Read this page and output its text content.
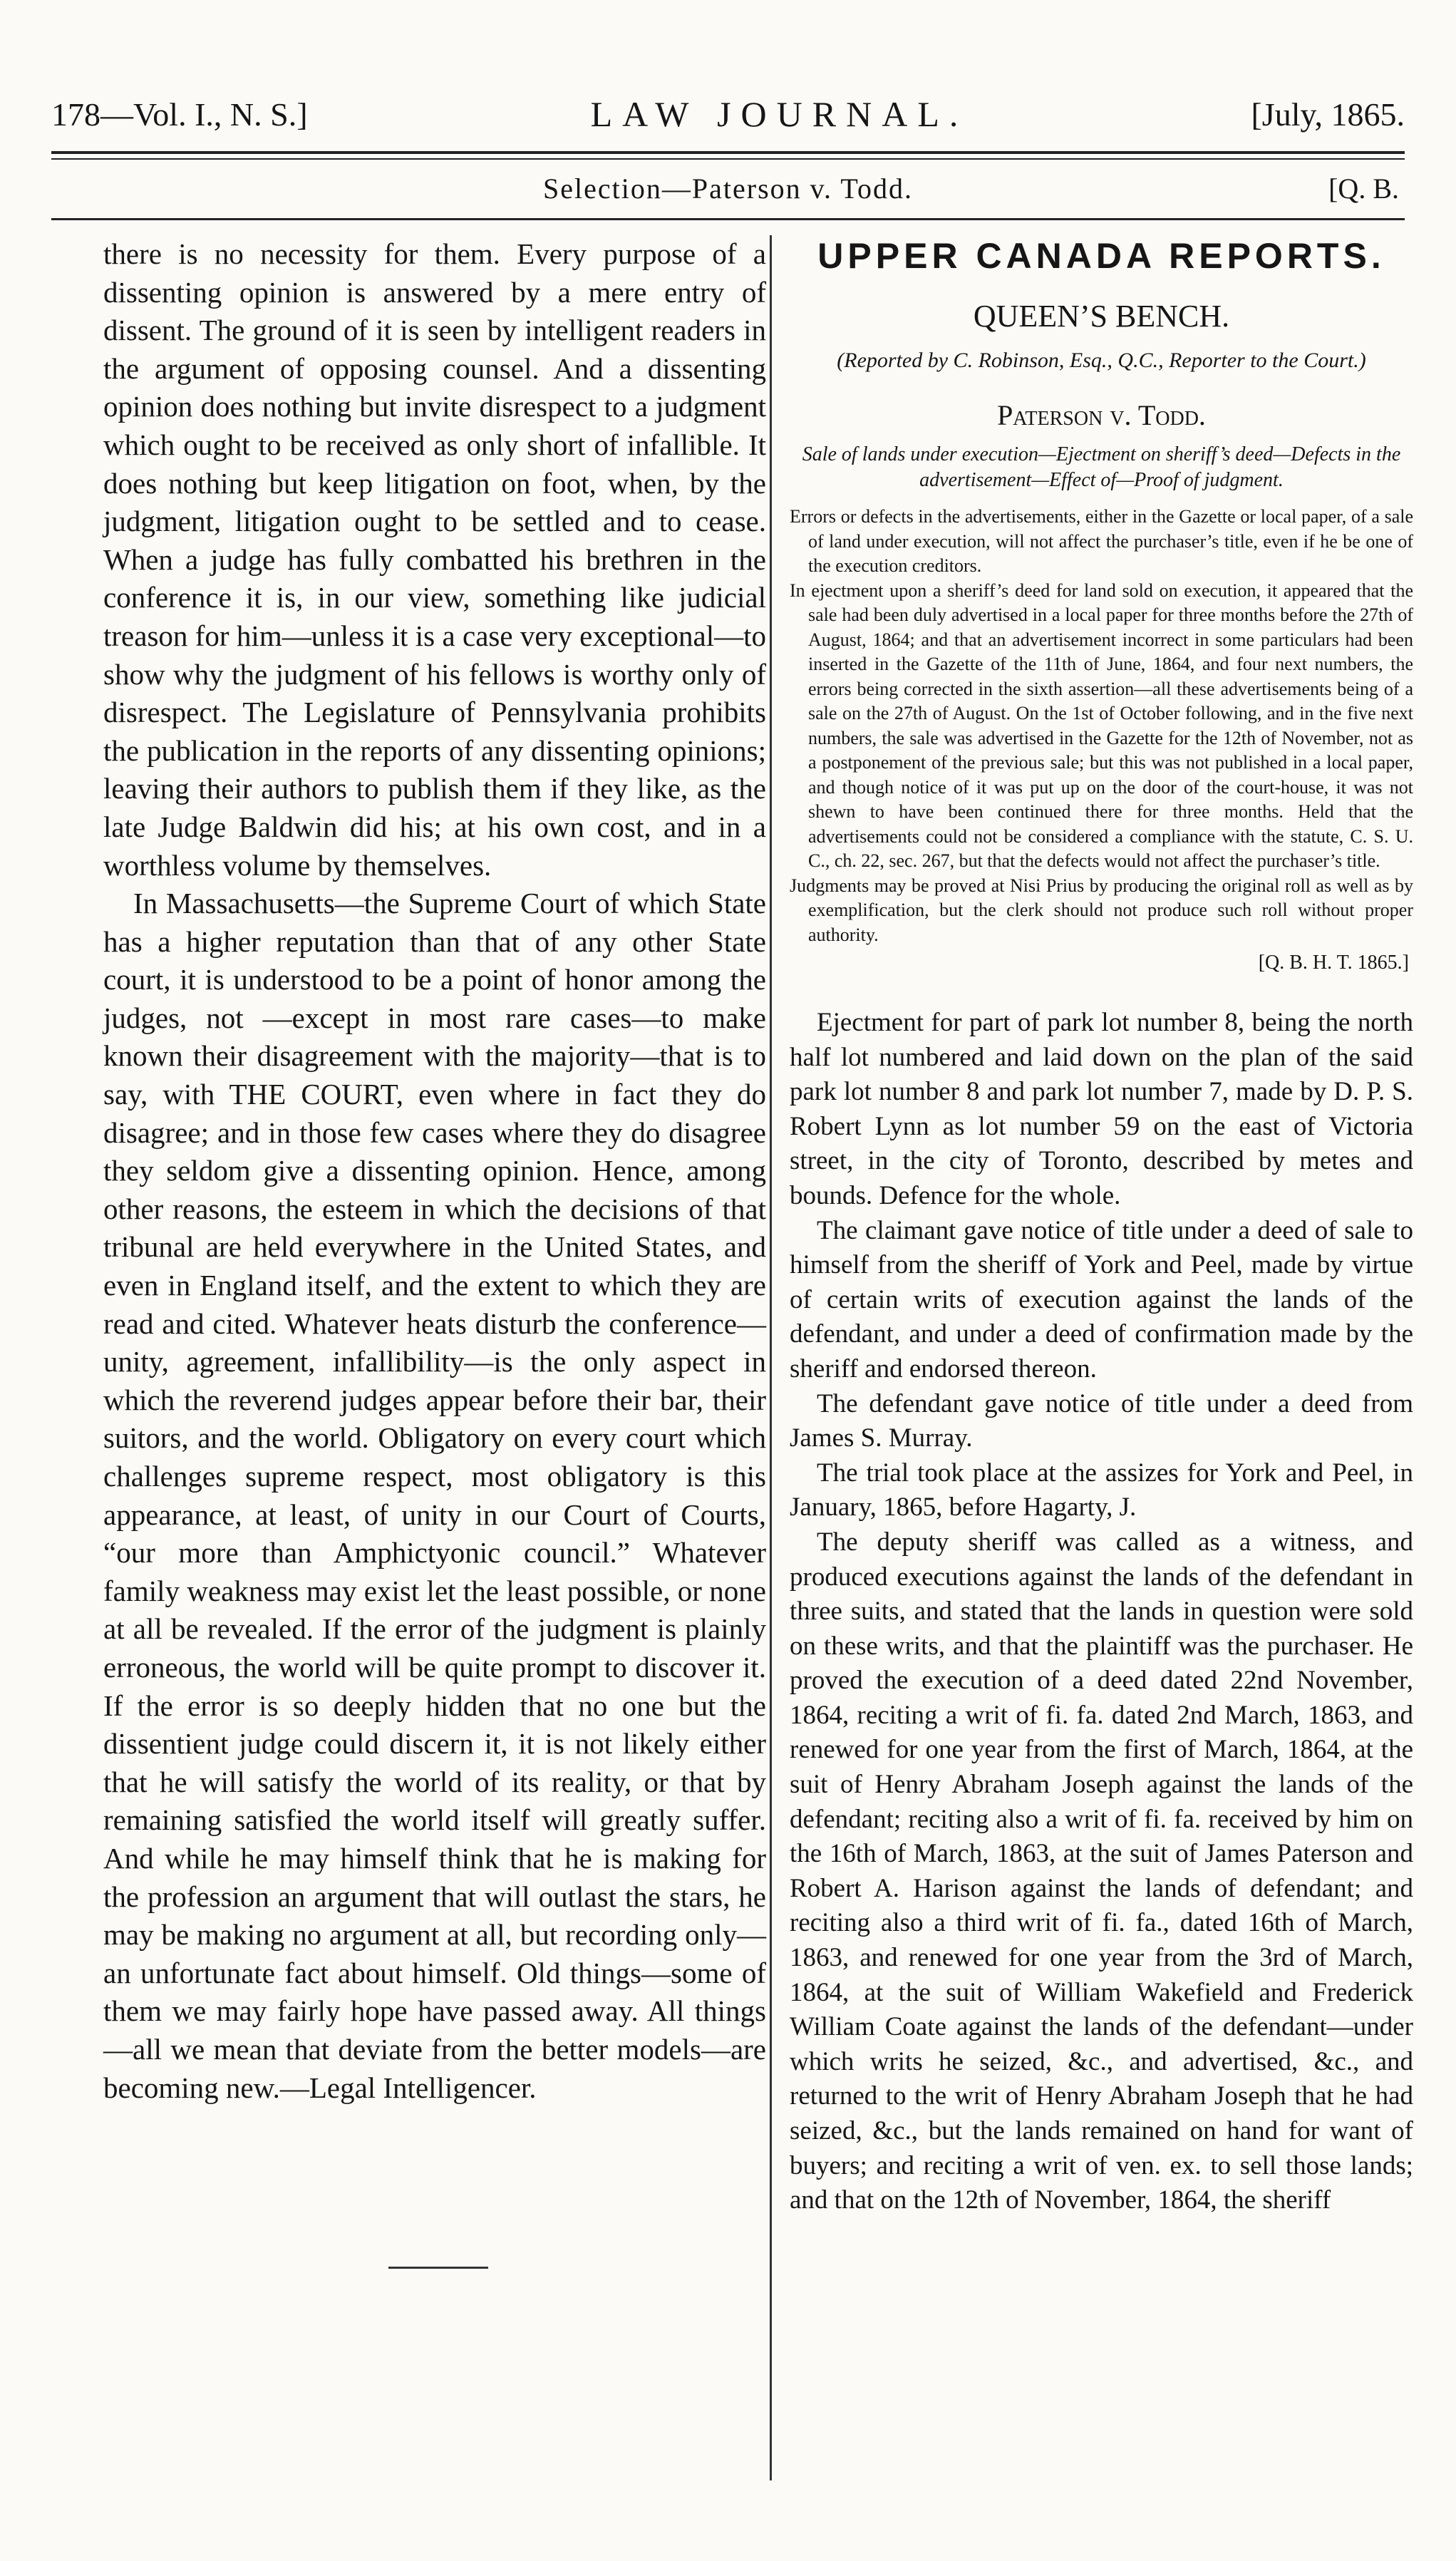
178—Vol. I., N. S.]	LAW JOURNAL.	[July, 1865.
Selection—Paterson v. Todd.	[Q. B.

there is no necessity for them. Every purpose of a dissenting opinion is answered by a mere entry of dissent. The ground of it is seen by intelligent readers in the argument of opposing counsel. And a dissenting opinion does nothing but invite disrespect to a judgment which ought to be received as only short of infallible. It does nothing but keep litigation on foot, when, by the judgment, litigation ought to be settled and to cease. When a judge has fully combatted his brethren in the conference it is, in our view, something like judicial treason for him—unless it is a case very exceptional—to show why the judgment of his fellows is worthy only of disrespect. The Legislature of Pennsylvania prohibits the publication in the reports of any dissenting opinions; leaving their authors to publish them if they like, as the late Judge Baldwin did his; at his own cost, and in a worthless volume by themselves.

In Massachusetts—the Supreme Court of which State has a higher reputation than that of any other State court, it is understood to be a point of honor among the judges, not —except in most rare cases—to make known their disagreement with the majority—that is to say, with THE COURT, even where in fact they do disagree; and in those few cases where they do disagree they seldom give a dissenting opinion. Hence, among other reasons, the esteem in which the decisions of that tribunal are held everywhere in the United States, and even in England itself, and the extent to which they are read and cited. Whatever heats disturb the conference—unity, agreement, infallibility—is the only aspect in which the reverend judges appear before their bar, their suitors, and the world. Obligatory on every court which challenges supreme respect, most obligatory is this appearance, at least, of unity in our Court of Courts, “our more than Amphictyonic council.” Whatever family weakness may exist let the least possible, or none at all be revealed. If the error of the judgment is plainly erroneous, the world will be quite prompt to discover it. If the error is so deeply hidden that no one but the dissentient judge could discern it, it is not likely either that he will satisfy the world of its reality, or that by remaining satisfied the world itself will greatly suffer. And while he may himself think that he is making for the profession an argument that will outlast the stars, he may be making no argument at all, but recording only—an unfortunate fact about himself. Old things—some of them we may fairly hope have passed away. All things—all we mean that deviate from the better models—are becoming new.—Legal Intelligencer.

UPPER CANADA REPORTS.
QUEEN’S BENCH.
(Reported by C. Robinson, Esq., Q.C., Reporter to the Court.)
Paterson v. Todd.
Sale of lands under execution—Ejectment on sheriff’s deed—Defects in the advertisement—Effect of—Proof of judgment.

Errors or defects in the advertisements, either in the Gazette or local paper, of a sale of land under execution, will not affect the purchaser’s title, even if he be one of the execution creditors.

In ejectment upon a sheriff’s deed for land sold on execution, it appeared that the sale had been duly advertised in a local paper for three months before the 27th of August, 1864; and that an advertisement incorrect in some particulars had been inserted in the Gazette of the 11th of June, 1864, and four next numbers, the errors being corrected in the sixth assertion—all these advertisements being of a sale on the 27th of August. On the 1st of October following, and in the five next numbers, the sale was advertised in the Gazette for the 12th of November, not as a postponement of the previous sale; but this was not published in a local paper, and though notice of it was put up on the door of the court-house, it was not shewn to have been continued there for three months. Held that the advertisements could not be considered a compliance with the statute, C. S. U. C., ch. 22, sec. 267, but that the defects would not affect the purchaser’s title.

Judgments may be proved at Nisi Prius by producing the original roll as well as by exemplification, but the clerk should not produce such roll without proper authority.

[Q. B. H. T. 1865.]

Ejectment for part of park lot number 8, being the north half lot numbered and laid down on the plan of the said park lot number 8 and park lot number 7, made by D. P. S. Robert Lynn as lot number 59 on the east of Victoria street, in the city of Toronto, described by metes and bounds. Defence for the whole.

The claimant gave notice of title under a deed of sale to himself from the sheriff of York and Peel, made by virtue of certain writs of execution against the lands of the defendant, and under a deed of confirmation made by the sheriff and endorsed thereon.

The defendant gave notice of title under a deed from James S. Murray.

The trial took place at the assizes for York and Peel, in January, 1865, before Hagarty, J.

The deputy sheriff was called as a witness, and produced executions against the lands of the defendant in three suits, and stated that the lands in question were sold on these writs, and that the plaintiff was the purchaser. He proved the execution of a deed dated 22nd November, 1864, reciting a writ of fi. fa. dated 2nd March, 1863, and renewed for one year from the first of March, 1864, at the suit of Henry Abraham Joseph against the lands of the defendant; reciting also a writ of fi. fa. received by him on the 16th of March, 1863, at the suit of James Paterson and Robert A. Harison against the lands of defendant; and reciting also a third writ of fi. fa., dated 16th of March, 1863, and renewed for one year from the 3rd of March, 1864, at the suit of William Wakefield and Frederick William Coate against the lands of the defendant—under which writs he seized, &c., and advertised, &c., and returned to the writ of Henry Abraham Joseph that he had seized, &c., but the lands remained on hand for want of buyers; and reciting a writ of ven. ex. to sell those lands; and that on the 12th of November, 1864, the sheriff
